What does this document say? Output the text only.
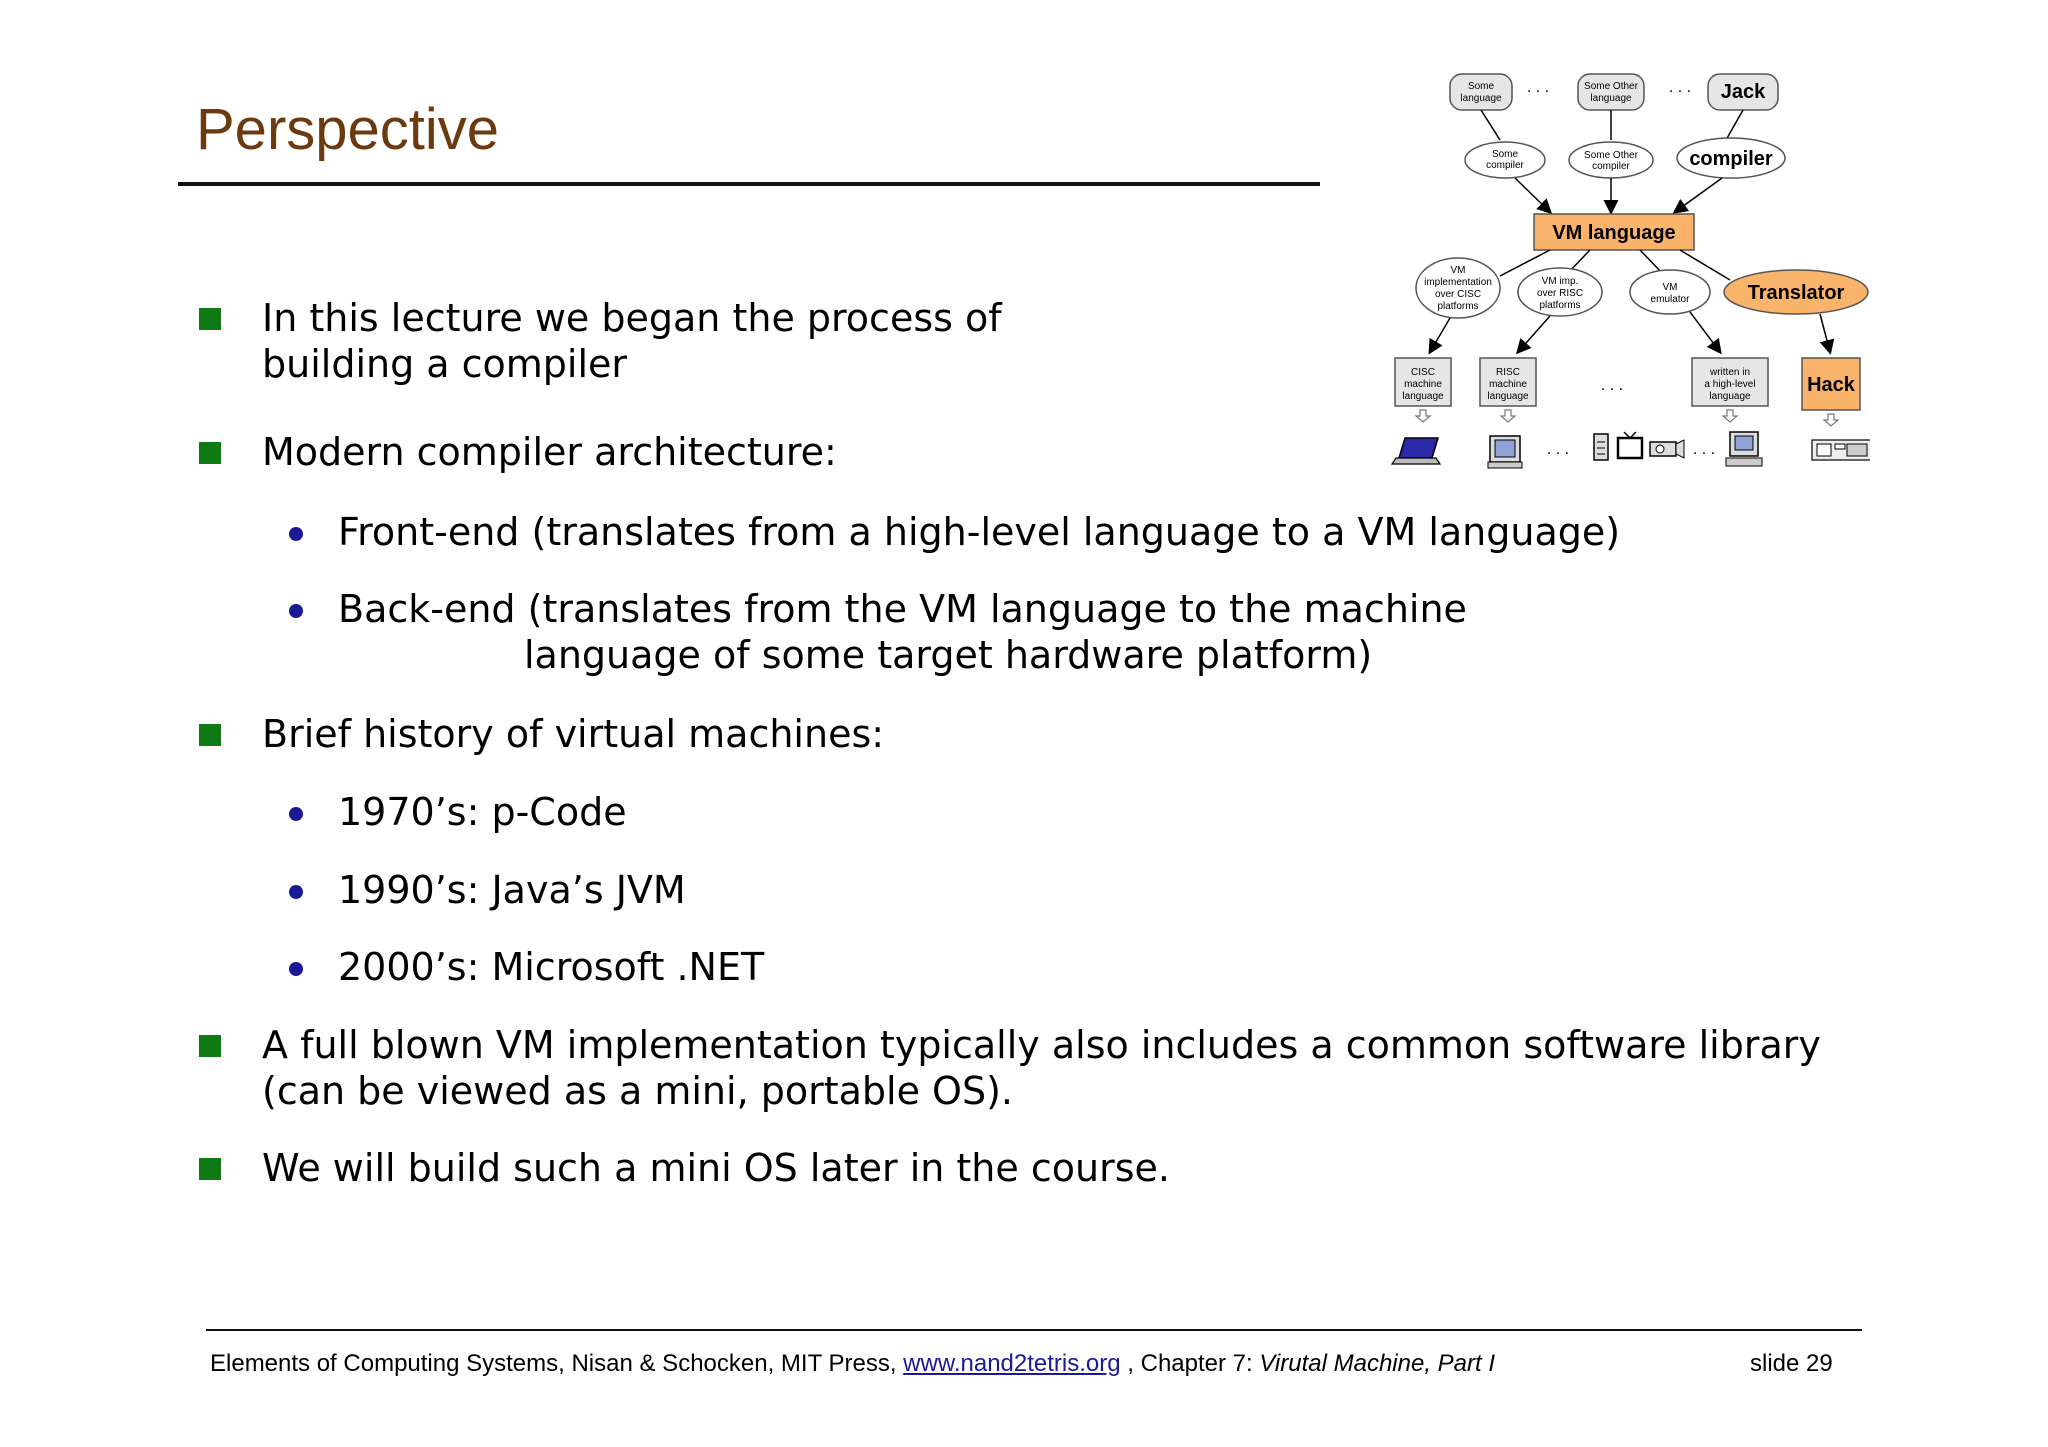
Perspective
In this lecture we began the process of
building a compiler
Modern compiler architecture:
Front-end (translates from a high-level language to a VM language)
Back-end (translates from the VM language to the machine
language of some target hardware platform)
Brief history of virtual machines:
1970’s: p-Code
1990’s: Java’s JVM
2000’s: Microsoft .NET
A full blown VM implementation typically also includes a common software library
(can be viewed as a mini, portable OS).
We will build such a mini OS later in the course.
Some
language
. . .	Some Other
language
. . . Jack
Some
compiler
Some Other
compiler	compiler
VM language
VM
implementation
over CISC
platforms
VM imp.
over RISC
platforms
VM
emulator	Translator
CISC
machine
language
RISC
machine
language
. . .
written in
a high-level
language
Hack
. . .	. . .
Elements of Computing Systems, Nisan & Schocken, MIT Press, www.nand2tetris.org , Chapter 7: Virutal Machine, Part I	slide 29
